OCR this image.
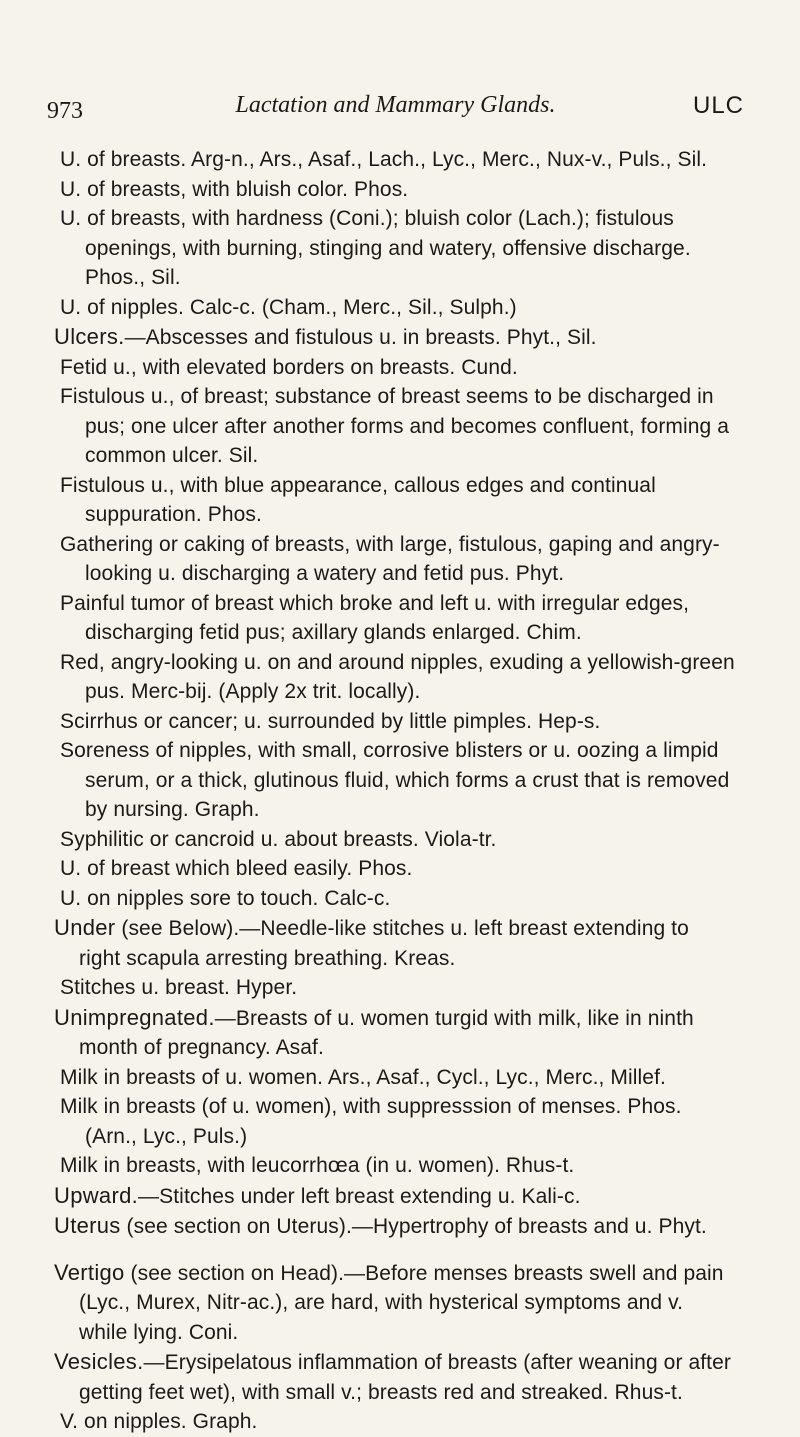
973	Lactation and Mammary Glands.	ULC
U. of breasts. Arg-n., Ars., Asaf., Lach., Lyc., Merc., Nux-v., Puls., Sil.
U. of breasts, with bluish color. Phos.
U. of breasts, with hardness (Coni.); bluish color (Lach.); fistulous openings, with burning, stinging and watery, offensive discharge. Phos., Sil.
U. of nipples. Calc-c. (Cham., Merc., Sil., Sulph.)
Ulcers.—Abscesses and fistulous u. in breasts. Phyt., Sil.
Fetid u., with elevated borders on breasts. Cund.
Fistulous u., of breast; substance of breast seems to be discharged in pus; one ulcer after another forms and becomes confluent, forming a common ulcer. Sil.
Fistulous u., with blue appearance, callous edges and continual suppuration. Phos.
Gathering or caking of breasts, with large, fistulous, gaping and angry-looking u. discharging a watery and fetid pus. Phyt.
Painful tumor of breast which broke and left u. with irregular edges, discharging fetid pus; axillary glands enlarged. Chim.
Red, angry-looking u. on and around nipples, exuding a yellowish-green pus. Merc-bij. (Apply 2x trit. locally).
Scirrhus or cancer; u. surrounded by little pimples. Hep-s.
Soreness of nipples, with small, corrosive blisters or u. oozing a limpid serum, or a thick, glutinous fluid, which forms a crust that is removed by nursing. Graph.
Syphilitic or cancroid u. about breasts. Viola-tr.
U. of breast which bleed easily. Phos.
U. on nipples sore to touch. Calc-c.
Under (see Below).—Needle-like stitches u. left breast extending to right scapula arresting breathing. Kreas.
Stitches u. breast. Hyper.
Unimpregnated.—Breasts of u. women turgid with milk, like in ninth month of pregnancy. Asaf.
Milk in breasts of u. women. Ars., Asaf., Cycl., Lyc., Merc., Millef.
Milk in breasts (of u. women), with suppresssion of menses. Phos. (Arn., Lyc., Puls.)
Milk in breasts, with leucorrhœa (in u. women). Rhus-t.
Upward.—Stitches under left breast extending u. Kali-c.
Uterus (see section on Uterus).—Hypertrophy of breasts and u. Phyt.
Vertigo (see section on Head).—Before menses breasts swell and pain (Lyc., Murex, Nitr-ac.), are hard, with hysterical symptoms and v. while lying. Coni.
Vesicles.—Erysipelatous inflammation of breasts (after weaning or after getting feet wet), with small v.; breasts red and streaked. Rhus-t.
V. on nipples. Graph.
